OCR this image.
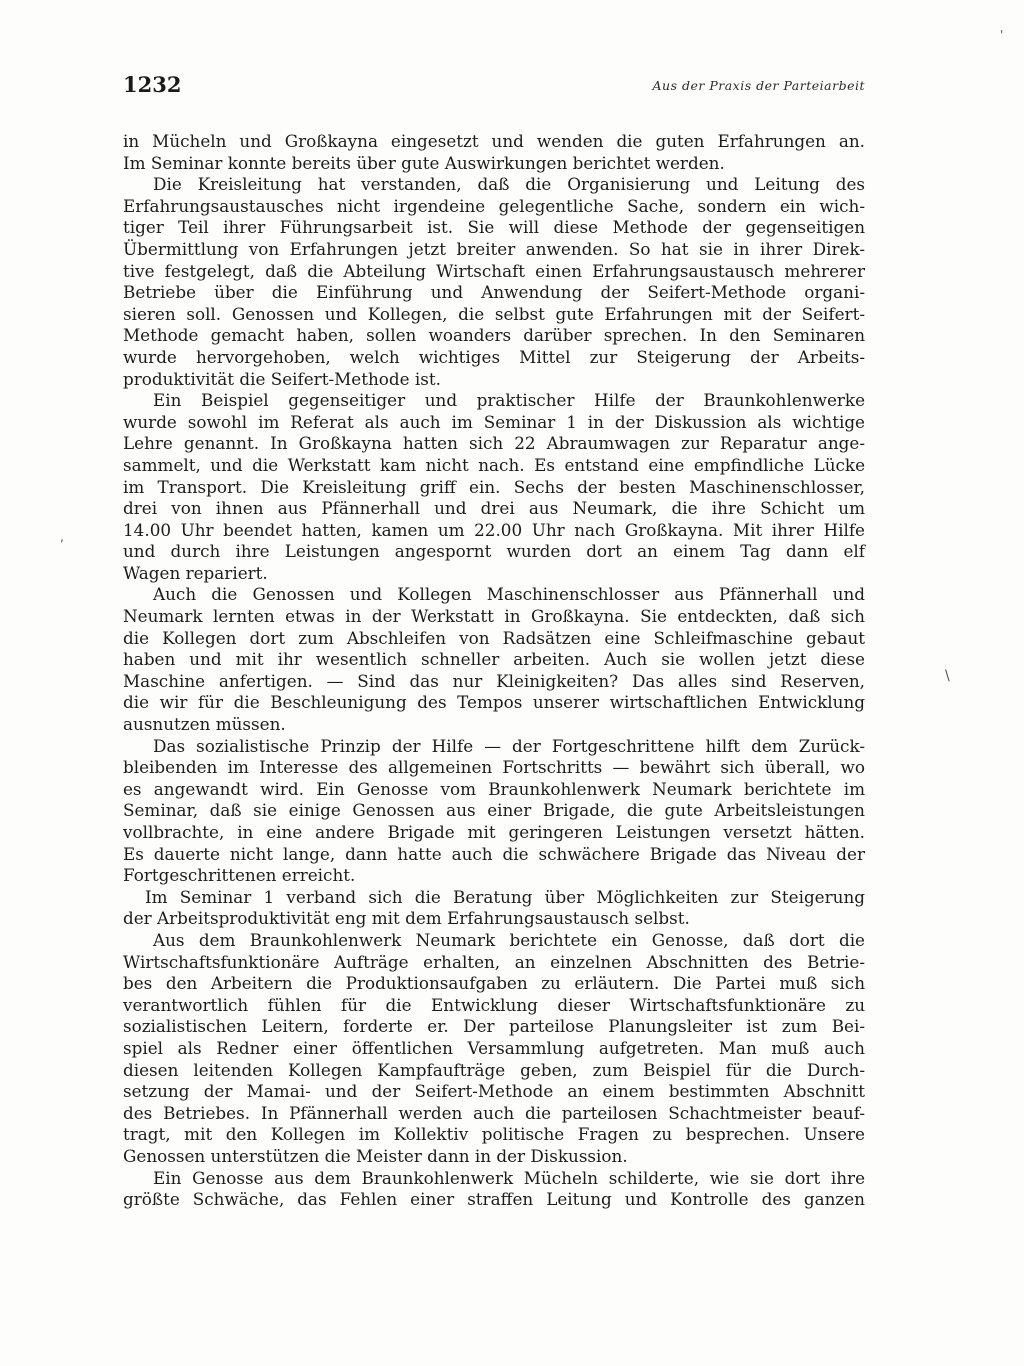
1232	Aus der Praxis der Parteiarbeit
in Mücheln und Großkayna eingesetzt und wenden die guten Erfahrungen an.
Im Seminar konnte bereits über gute Auswirkungen berichtet werden.
Die Kreisleitung hat verstanden, daß die Organisierung und Leitung des
Erfahrungsaustausches nicht irgendeine gelegentliche Sache, sondern ein wich-
tiger Teil ihrer Führungsarbeit ist. Sie will diese Methode der gegenseitigen
Übermittlung von Erfahrungen jetzt breiter anwenden. So hat sie in ihrer Direk-
tive festgelegt, daß die Abteilung Wirtschaft einen Erfahrungsaustausch mehrerer
Betriebe über die Einführung und Anwendung der Seifert-Methode organi-
sieren soll. Genossen und Kollegen, die selbst gute Erfahrungen mit der Seifert-
Methode gemacht haben, sollen woanders darüber sprechen. In den Seminaren
wurde hervorgehoben, welch wichtiges Mittel zur Steigerung der Arbeits-
produktivität die Seifert-Methode ist.
Ein Beispiel gegenseitiger und praktischer Hilfe der Braunkohlenwerke
wurde sowohl im Referat als auch im Seminar 1 in der Diskussion als wichtige
Lehre genannt. In Großkayna hatten sich 22 Abraumwagen zur Reparatur ange-
sammelt, und die Werkstatt kam nicht nach. Es entstand eine empfindliche Lücke
im Transport. Die Kreisleitung griff ein. Sechs der besten Maschinenschlosser,
drei von ihnen aus Pfännerhall und drei aus Neumark, die ihre Schicht um
14.00 Uhr beendet hatten, kamen um 22.00 Uhr nach Großkayna. Mit ihrer Hilfe
und durch ihre Leistungen angespornt wurden dort an einem Tag dann elf
Wagen repariert.
Auch die Genossen und Kollegen Maschinenschlosser aus Pfännerhall und
Neumark lernten etwas in der Werkstatt in Großkayna. Sie entdeckten, daß sich
die Kollegen dort zum Abschleifen von Radsätzen eine Schleifmaschine gebaut
haben und mit ihr wesentlich schneller arbeiten. Auch sie wollen jetzt diese
Maschine anfertigen. — Sind das nur Kleinigkeiten? Das alles sind Reserven,
die wir für die Beschleunigung des Tempos unserer wirtschaftlichen Entwicklung
ausnutzen müssen.
Das sozialistische Prinzip der Hilfe — der Fortgeschrittene hilft dem Zurück-
bleibenden im Interesse des allgemeinen Fortschritts — bewährt sich überall, wo
es angewandt wird. Ein Genosse vom Braunkohlenwerk Neumark berichtete im
Seminar, daß sie einige Genossen aus einer Brigade, die gute Arbeitsleistungen
vollbrachte, in eine andere Brigade mit geringeren Leistungen versetzt hätten.
Es dauerte nicht lange, dann hatte auch die schwächere Brigade das Niveau der
Fortgeschrittenen erreicht.
Im Seminar 1 verband sich die Beratung über Möglichkeiten zur Steigerung
der Arbeitsproduktivität eng mit dem Erfahrungsaustausch selbst.
Aus dem Braunkohlenwerk Neumark berichtete ein Genosse, daß dort die
Wirtschaftsfunktionäre Aufträge erhalten, an einzelnen Abschnitten des Betrie-
bes den Arbeitern die Produktionsaufgaben zu erläutern. Die Partei muß sich
verantwortlich fühlen für die Entwicklung dieser Wirtschaftsfunktionäre zu
sozialistischen Leitern, forderte er. Der parteilose Planungsleiter ist zum Bei-
spiel als Redner einer öffentlichen Versammlung aufgetreten. Man muß auch
diesen leitenden Kollegen Kampfaufträge geben, zum Beispiel für die Durch-
setzung der Mamai- und der Seifert-Methode an einem bestimmten Abschnitt
des Betriebes. In Pfännerhall werden auch die parteilosen Schachtmeister beauf-
tragt, mit den Kollegen im Kollektiv politische Fragen zu besprechen. Unsere
Genossen unterstützen die Meister dann in der Diskussion.
Ein Genosse aus dem Braunkohlenwerk Mücheln schilderte, wie sie dort ihre
größte Schwäche, das Fehlen einer straffen Leitung und Kontrolle des ganzen
'
,
\
